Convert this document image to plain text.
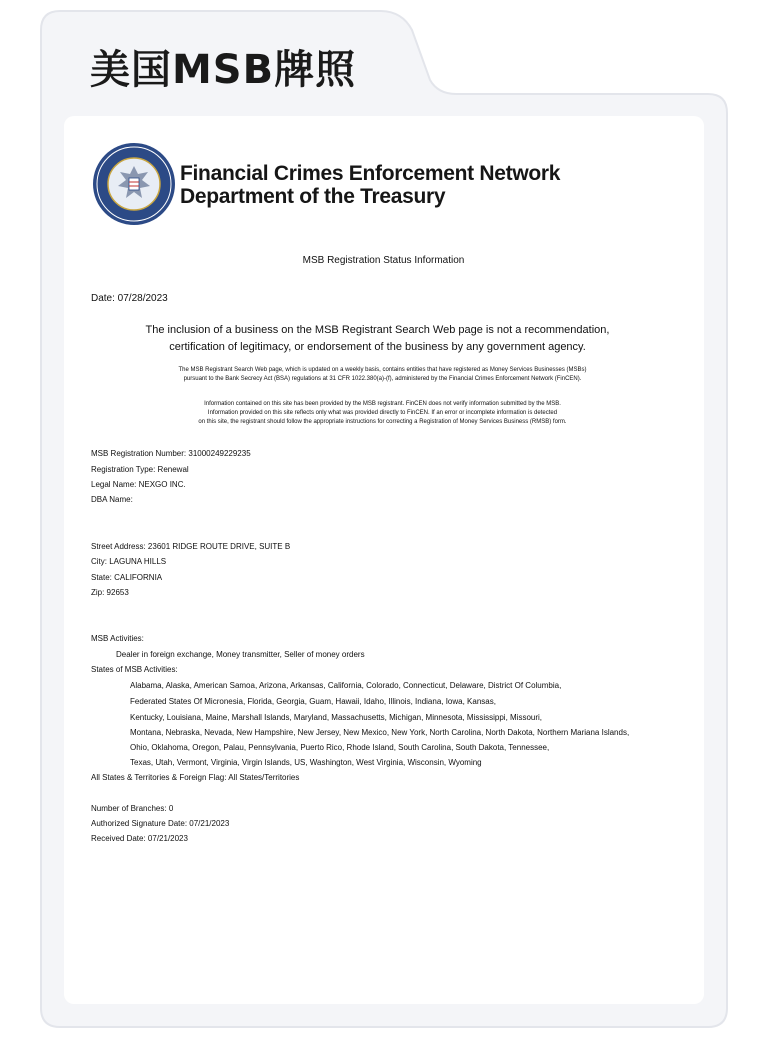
美国MSB牌照
Financial Crimes Enforcement Network
Department of the Treasury
MSB Registration Status Information
Date: 07/28/2023
The inclusion of a business on the MSB Registrant Search Web page is not a recommendation,
certification of legitimacy, or endorsement of the business by any government agency.
The MSB Registrant Search Web page, which is updated on a weekly basis, contains entities that have registered as Money Services Businesses (MSBs)
pursuant to the Bank Secrecy Act (BSA) regulations at 31 CFR 1022.380(a)-(f), administered by the Financial Crimes Enforcement Network (FinCEN).
Information contained on this site has been provided by the MSB registrant. FinCEN does not verify information submitted by the MSB.
Information provided on this site reflects only what was provided directly to FinCEN. If an error or incomplete information is detected
on this site, the registrant should follow the appropriate instructions for correcting a Registration of Money Services Business (RMSB) form.
MSB Registration Number: 31000249229235
Registration Type: Renewal
Legal Name: NEXGO INC.
DBA Name:
Street Address: 23601 RIDGE ROUTE DRIVE, SUITE B
City: LAGUNA HILLS
State: CALIFORNIA
Zip: 92653
MSB Activities:
Dealer in foreign exchange, Money transmitter, Seller of money orders
States of MSB Activities:
Alabama, Alaska, American Samoa, Arizona, Arkansas, California, Colorado, Connecticut, Delaware, District Of Columbia,
Federated States Of Micronesia, Florida, Georgia, Guam, Hawaii, Idaho, Illinois, Indiana, Iowa, Kansas,
Kentucky, Louisiana, Maine, Marshall Islands, Maryland, Massachusetts, Michigan, Minnesota, Mississippi, Missouri,
Montana, Nebraska, Nevada, New Hampshire, New Jersey, New Mexico, New York, North Carolina, North Dakota, Northern Mariana Islands,
Ohio, Oklahoma, Oregon, Palau, Pennsylvania, Puerto Rico, Rhode Island, South Carolina, South Dakota, Tennessee,
Texas, Utah, Vermont, Virginia, Virgin Islands, US, Washington, West Virginia, Wisconsin, Wyoming
All States & Territories & Foreign Flag: All States/Territories
Number of Branches: 0
Authorized Signature Date: 07/21/2023
Received Date: 07/21/2023
